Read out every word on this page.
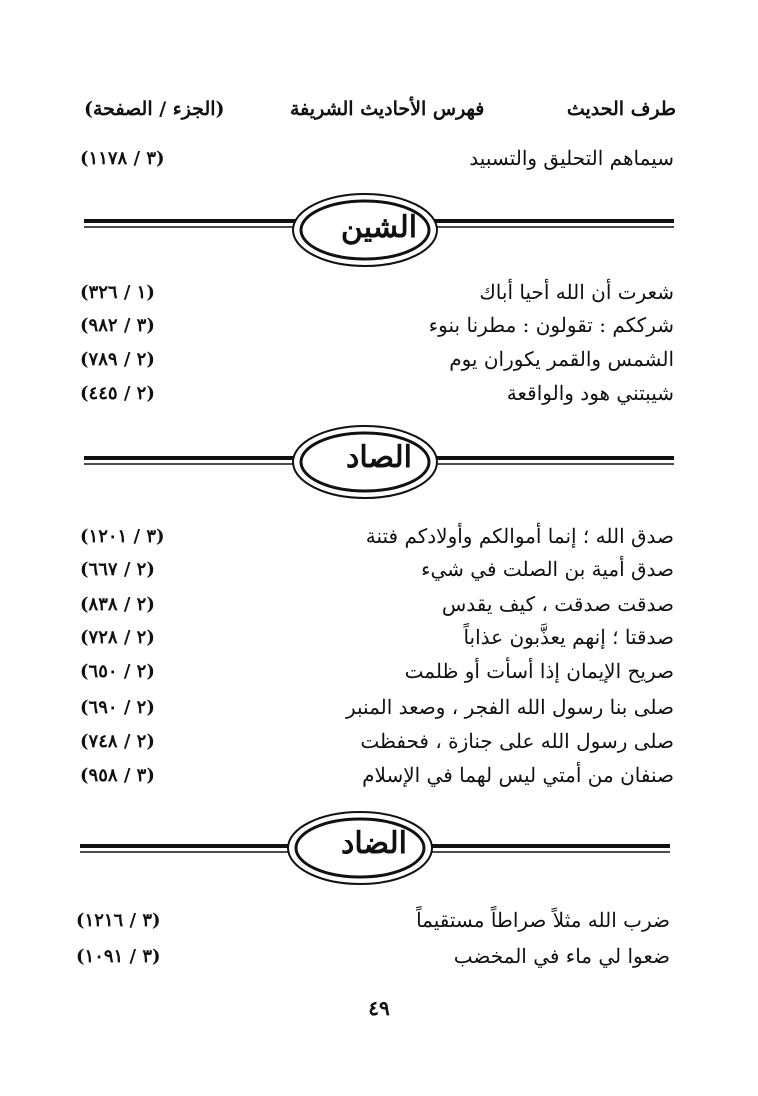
طرف الحديث
فهرس الأحاديث الشريفة
(الجزء / الصفحة)
سيماهم التحليق والتسبيد
(٣ / ١١٧٨)
الشين
شعرت أن الله أحيا أباك
(١ / ٣٢٦)
شرككم : تقولون : مطرنا بنوء
(٣ / ٩٨٢)
الشمس والقمر يكوران يوم
(٢ / ٧٨٩)
شيبتني هود والواقعة
(٢ / ٤٤٥)
الصاد
صدق الله ؛ إنما أموالكم وأولادكم فتنة
(٣ / ١٢٠١)
صدق أمية بن الصلت في شيء
(٢ / ٦٦٧)
صدقت صدقت ، كيف يقدس
(٢ / ٨٣٨)
صدقتا ؛ إنهم يعذَّبون عذاباً
(٢ / ٧٢٨)
صريح الإيمان إذا أسأت أو ظلمت
(٢ / ٦٥٠)
صلى بنا رسول الله الفجر ، وصعد المنبر
(٢ / ٦٩٠)
صلى رسول الله على جنازة ، فحفظت
(٢ / ٧٤٨)
صنفان من أمتي ليس لهما في الإسلام
(٣ / ٩٥٨)
الضاد
ضرب الله مثلاً صراطاً مستقيماً
(٣ / ١٢١٦)
ضعوا لي ماء في المخضب
(٣ / ١٠٩١)
٤٩
